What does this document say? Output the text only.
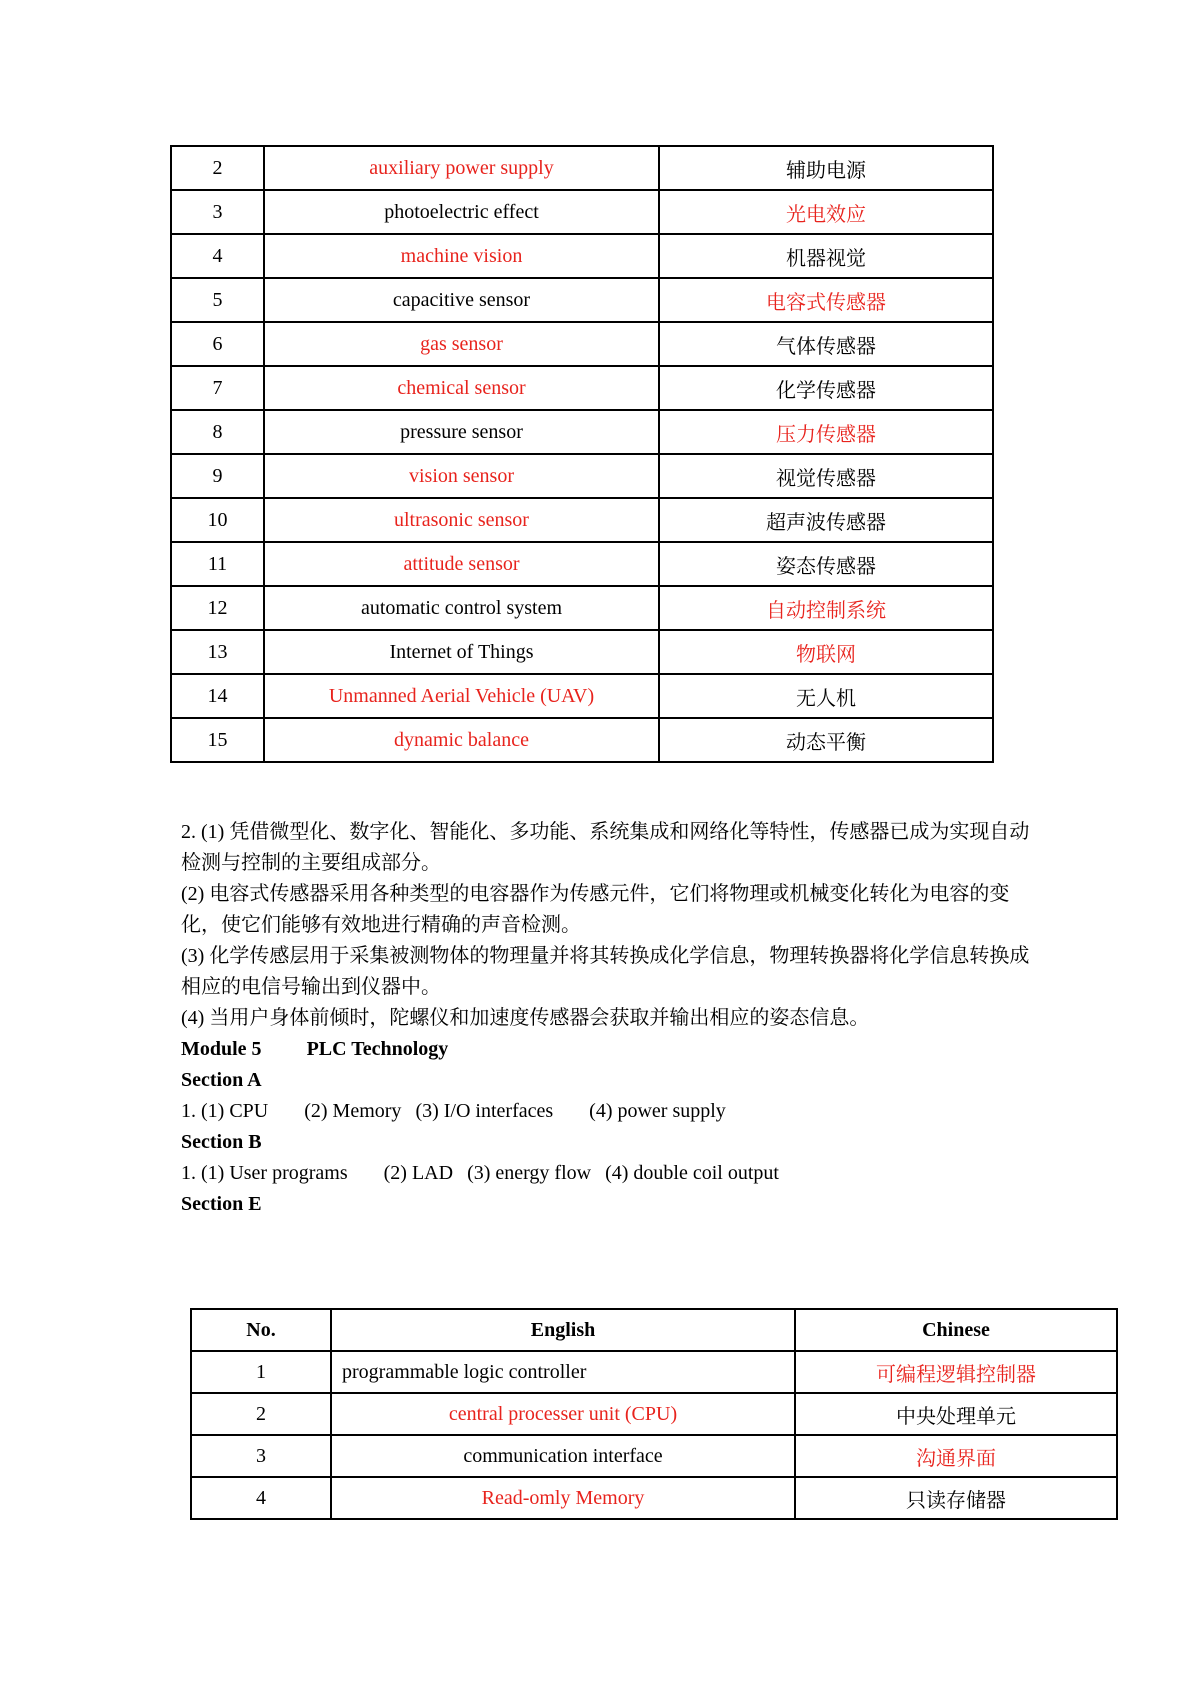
2	auxiliary power supply	辅助电源
3	photoelectric effect	光电效应
4	machine vision	机器视觉
5	capacitive sensor	电容式传感器
6	gas sensor	气体传感器
7	chemical sensor	化学传感器
8	pressure sensor	压力传感器
9	vision sensor	视觉传感器
10	ultrasonic sensor	超声波传感器
11	attitude sensor	姿态传感器
12	automatic control system	自动控制系统
13	Internet of Things	物联网
14	Unmanned Aerial Vehicle (UAV)	无人机
15	dynamic balance	动态平衡

2. (1) 凭借微型化、数字化、智能化、多功能、系统集成和网络化等特性，传感器已成为实现自动检测与控制的主要组成部分。

(2) 电容式传感器采用各种类型的电容器作为传感元件，它们将物理或机械变化转化为电容的变化，使它们能够有效地进行精确的声音检测。

(3) 化学传感层用于采集被测物体的物理量并将其转换成化学信息，物理转换器将化学信息转换成相应的电信号输出到仪器中。

(4) 当用户身体前倾时，陀螺仪和加速度传感器会获取并输出相应的姿态信息。

Module 5 PLC Technology

Section A

1. (1) CPU (2) Memory (3) I/O interfaces (4) power supply

Section B

1. (1) User programs (2) LAD (3) energy flow (4) double coil output

Section E

No.	English	Chinese
1	programmable logic controller	可编程逻辑控制器
2	central processer unit (CPU)	中央处理单元
3	communication interface	沟通界面
4	Read-omly Memory	只读存储器
